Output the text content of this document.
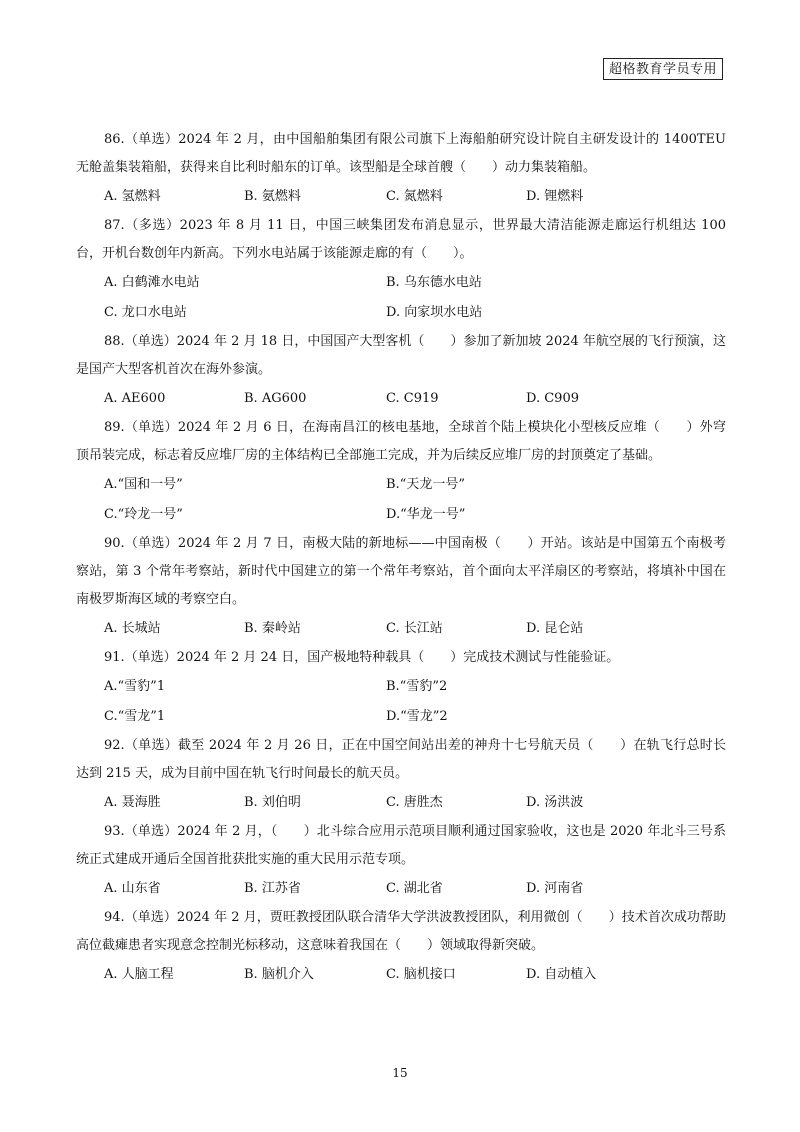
超格教育学员专用

86.（单选）2024 年 2 月，由中国船舶集团有限公司旗下上海船舶研究设计院自主研发设计的 1400TEU 无舱盖集装箱船，获得来自比利时船东的订单。该型船是全球首艘（　　）动力集装箱船。

A. 氢燃料	B. 氨燃料	C. 氮燃料	D. 锂燃料

87.（多选）2023 年 8 月 11 日，中国三峡集团发布消息显示，世界最大清洁能源走廊运行机组达 100 台，开机台数创年内新高。下列水电站属于该能源走廊的有（　　）。

A. 白鹤滩水电站	B. 乌东德水电站
C. 龙口水电站	D. 向家坝水电站

88.（单选）2024 年 2 月 18 日，中国国产大型客机（　　）参加了新加坡 2024 年航空展的飞行预演，这是国产大型客机首次在海外参演。

A. AE600	B. AG600	C. C919	D. C909

89.（单选）2024 年 2 月 6 日，在海南昌江的核电基地，全球首个陆上模块化小型核反应堆（　　）外穹顶吊装完成，标志着反应堆厂房的主体结构已全部施工完成，并为后续反应堆厂房的封顶奠定了基础。

A.“国和一号”	B.“天龙一号”
C.“玲龙一号”	D.“华龙一号”

90.（单选）2024 年 2 月 7 日，南极大陆的新地标——中国南极（　　）开站。该站是中国第五个南极考察站，第 3 个常年考察站，新时代中国建立的第一个常年考察站，首个面向太平洋扇区的考察站，将填补中国在南极罗斯海区域的考察空白。

A. 长城站	B. 秦岭站	C. 长江站	D. 昆仑站

91.（单选）2024 年 2 月 24 日，国产极地特种载具（　　）完成技术测试与性能验证。

A.“雪豹”1	B.“雪豹”2
C.“雪龙”1	D.“雪龙”2

92.（单选）截至 2024 年 2 月 26 日，正在中国空间站出差的神舟十七号航天员（　　）在轨飞行总时长达到 215 天，成为目前中国在轨飞行时间最长的航天员。

A. 聂海胜	B. 刘伯明	C. 唐胜杰	D. 汤洪波

93.（单选）2024 年 2 月，（　　）北斗综合应用示范项目顺利通过国家验收，这也是 2020 年北斗三号系统正式建成开通后全国首批获批实施的重大民用示范专项。

A. 山东省	B. 江苏省	C. 湖北省	D. 河南省

94.（单选）2024 年 2 月，贾旺教授团队联合清华大学洪波教授团队，利用微创（　　）技术首次成功帮助高位截瘫患者实现意念控制光标移动，这意味着我国在（　　）领域取得新突破。

A. 人脑工程	B. 脑机介入	C. 脑机接口	D. 自动植入
15
